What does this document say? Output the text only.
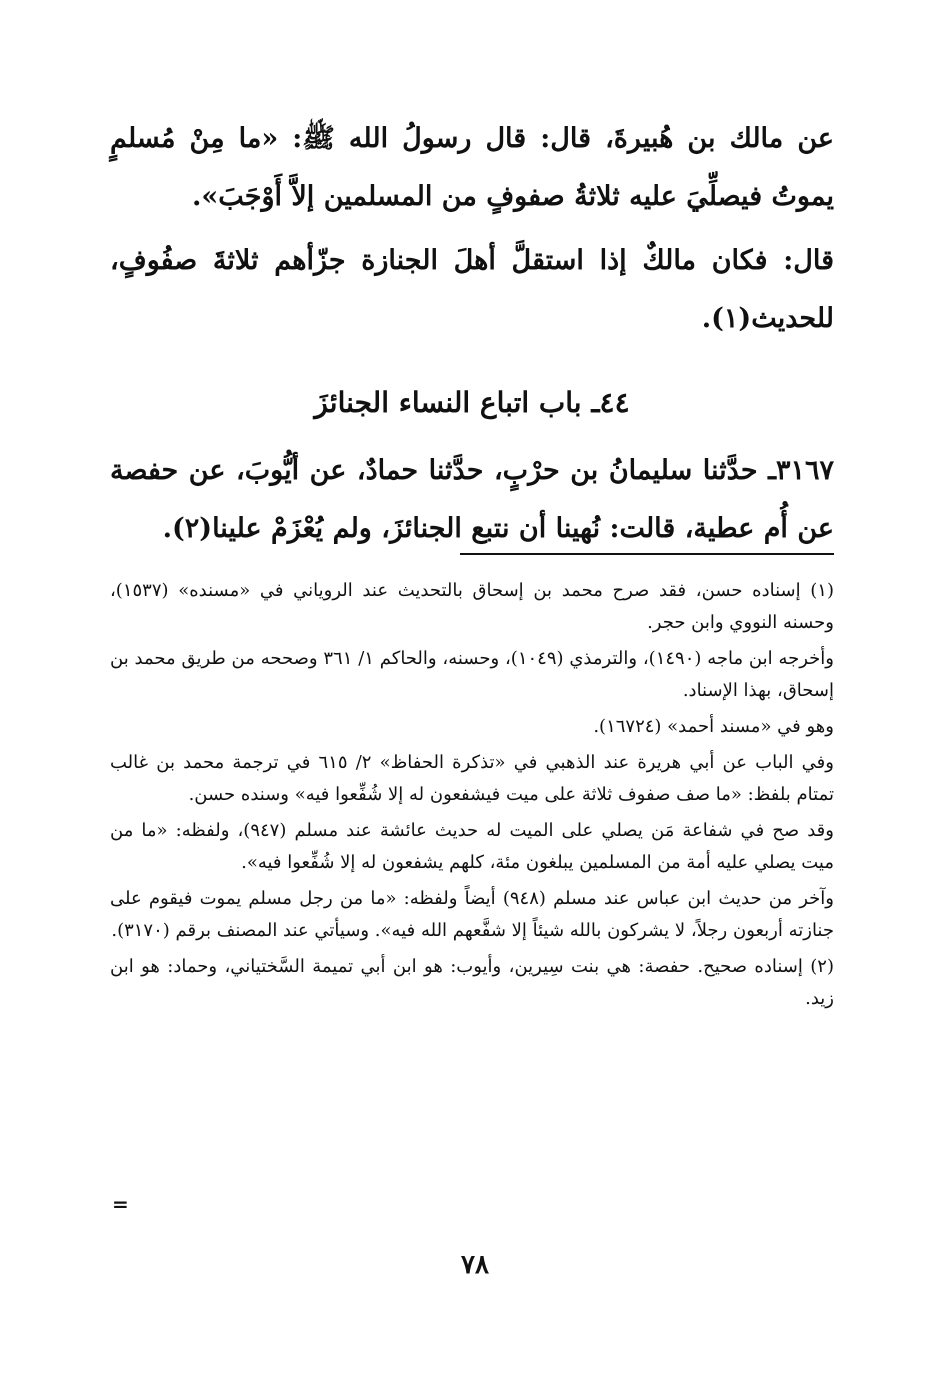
عن مالك بن هُبيرةَ، قال: قال رسولُ الله ﷺ: «ما مِنْ مُسلمٍ يموتُ فيصلِّيَ عليه ثلاثةُ صفوفٍ من المسلمين إلاَّ أَوْجَبَ».

قال: فكان مالكٌ إذا استقلَّ أهلَ الجنازة جزّأهم ثلاثةَ صفُوفٍ، للحديث(١).

٤٤ـ باب اتباع النساء الجنائزَ

٣١٦٧ـ حدَّثنا سليمانُ بن حرْبٍ، حدَّثنا حمادٌ، عن أيُّوبَ، عن حفصة عن أُم عطية، قالت: نُهينا أن نتبع الجنائزَ، ولم يُعْزَمْ علينا(٢).

(١) إسناده حسن، فقد صرح محمد بن إسحاق بالتحديث عند الروياني في «مسنده» (١٥٣٧)، وحسنه النووي وابن حجر.

وأخرجه ابن ماجه (١٤٩٠)، والترمذي (١٠٤٩)، وحسنه، والحاكم ١/ ٣٦١ وصححه من طريق محمد بن إسحاق، بهذا الإسناد.

وهو في «مسند أحمد» (١٦٧٢٤).

وفي الباب عن أبي هريرة عند الذهبي في «تذكرة الحفاظ» ٢/ ٦١٥ في ترجمة محمد بن غالب تمتام بلفظ: «ما صف صفوف ثلاثة على ميت فيشفعون له إلا شُفِّعوا فيه» وسنده حسن.

وقد صح في شفاعة مَن يصلي على الميت له حديث عائشة عند مسلم (٩٤٧)، ولفظه: «ما من ميت يصلي عليه أمة من المسلمين يبلغون مئة، كلهم يشفعون له إلا شُفِّعوا فيه».

وآخر من حديث ابن عباس عند مسلم (٩٤٨) أيضاً ولفظه: «ما من رجل مسلم يموت فيقوم على جنازته أربعون رجلاً، لا يشركون بالله شيئاً إلا شفَّعهم الله فيه». وسيأتي عند المصنف برقم (٣١٧٠).

(٢) إسناده صحيح. حفصة: هي بنت سِيرين، وأيوب: هو ابن أبي تميمة السَّختياني، وحماد: هو ابن زيد.

=
٧٨
